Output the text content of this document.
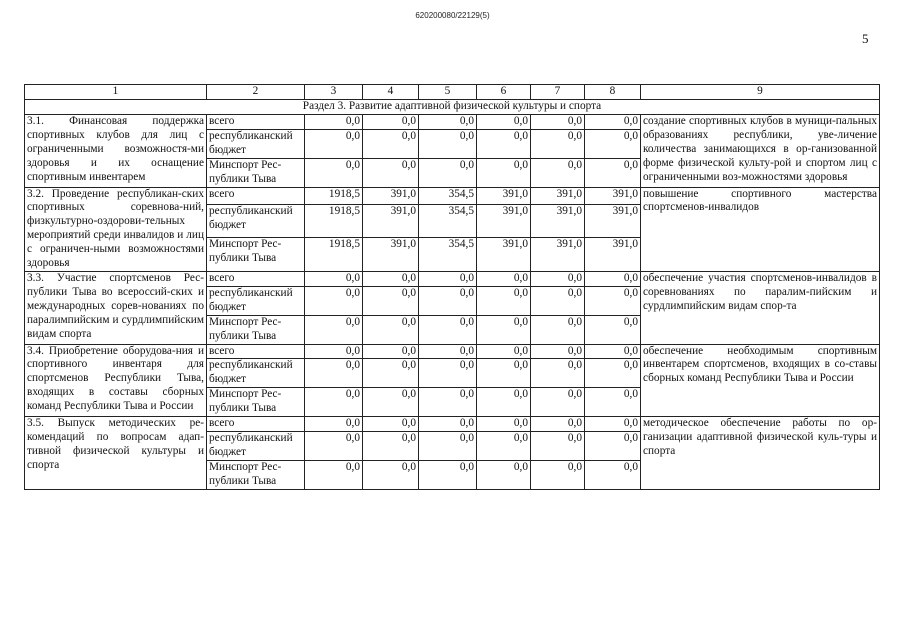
620200080/22129(5)
5
1	2	3	4	5	6	7	8	9
Раздел 3. Развитие адаптивной физической культуры и спорта								
3.1. Финансовая поддержка спортивных клубов для лиц с ограниченными возможностя-ми здоровья и их оснащение спортивным инвентарем	всего	0,0	0,0	0,0	0,0	0,0	0,0	создание спортивных клубов в муници-пальных образованиях республики, уве-личение количества занимающихся в ор-ганизованной форме физической культу-рой и спортом лиц с ограниченными воз-можностями здоровья
	республиканский бюджет	0,0	0,0	0,0	0,0	0,0	0,0	
	Минспорт Рес-публики Тыва	0,0	0,0	0,0	0,0	0,0	0,0	
3.2. Проведение республикан-ских спортивных соревнова-ний, физкультурно-оздорови-тельных мероприятий среди инвалидов и лиц с ограничен-ными возможностями здоровья	всего	1918,5	391,0	354,5	391,0	391,0	391,0	повышение спортивного мастерства спортсменов-инвалидов
	республиканский бюджет	1918,5	391,0	354,5	391,0	391,0	391,0	
	Минспорт Рес-публики Тыва	1918,5	391,0	354,5	391,0	391,0	391,0	
3.3. Участие спортсменов Рес-публики Тыва во всероссий-ских и международных сорев-нованиях по паралимпийским и сурдлимпийским видам спорта	всего	0,0	0,0	0,0	0,0	0,0	0,0	обеспечение участия спортсменов-инвалидов в соревнованиях по паралим-пийским и сурдлимпийским видам спор-та
	республиканский бюджет	0,0	0,0	0,0	0,0	0,0	0,0	
	Минспорт Рес-публики Тыва	0,0	0,0	0,0	0,0	0,0	0,0	
3.4. Приобретение оборудова-ния и спортивного инвентаря для спортсменов Республики Тыва, входящих в составы сборных команд Республики Тыва и России	всего	0,0	0,0	0,0	0,0	0,0	0,0	обеспечение необходимым спортивным инвентарем спортсменов, входящих в со-ставы сборных команд Республики Тыва и России
	республиканский бюджет	0,0	0,0	0,0	0,0	0,0	0,0	
	Минспорт Рес-публики Тыва	0,0	0,0	0,0	0,0	0,0	0,0	
3.5. Выпуск методических ре-комендаций по вопросам адап-тивной физической культуры и спорта	всего	0,0	0,0	0,0	0,0	0,0	0,0	методическое обеспечение работы по ор-ганизации адаптивной физической куль-туры и спорта
	республиканский бюджет	0,0	0,0	0,0	0,0	0,0	0,0	
	Минспорт Рес-публики Тыва	0,0	0,0	0,0	0,0	0,0	0,0	
